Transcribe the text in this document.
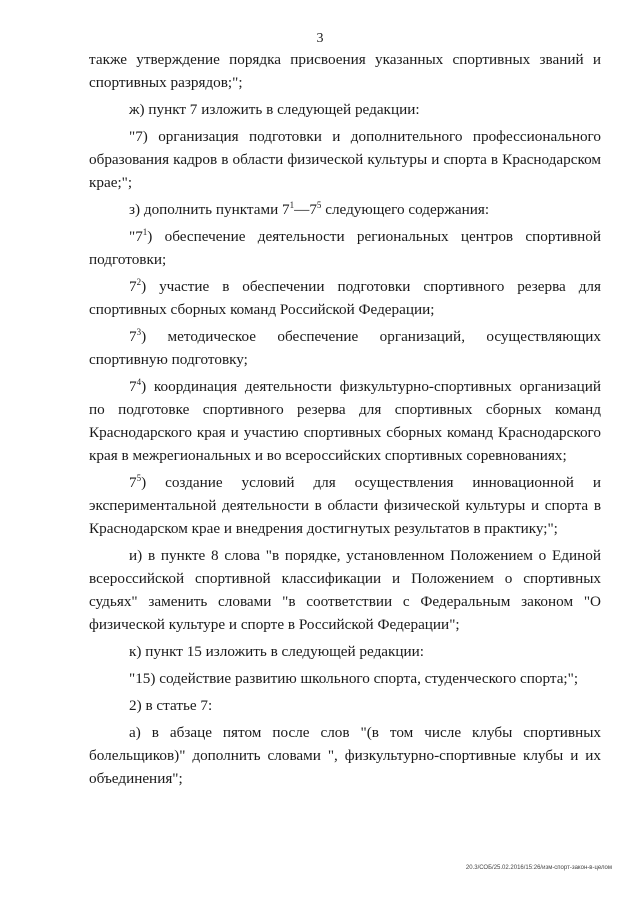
3

также утверждение порядка присвоения указанных спортивных званий и спортивных разрядов;";

ж) пункт 7 изложить в следующей редакции:

"7) организация подготовки и дополнительного профессионального образования кадров в области физической культуры и спорта в Краснодарском крае;";

з) дополнить пунктами $7^1—7^5$ следующего содержания:

"$7^1$) обеспечение деятельности региональных центров спортивной подготовки;

$7^2$) участие в обеспечении подготовки спортивного резерва для спортивных сборных команд Российской Федерации;

$7^3$) методическое обеспечение организаций, осуществляющих спортивную подготовку;

$7^4$) координация деятельности физкультурно-спортивных организаций по подготовке спортивного резерва для спортивных сборных команд Краснодарского края и участию спортивных сборных команд Краснодарского края в межрегиональных и во всероссийских спортивных соревнованиях;

$7^5$) создание условий для осуществления инновационной и экспериментальной деятельности в области физической культуры и спорта в Краснодарском крае и внедрения достигнутых результатов в практику;";

и) в пункте 8 слова "в порядке, установленном Положением о Единой всероссийской спортивной классификации и Положением о спортивных судьях" заменить словами "в соответствии с Федеральным законом "О физической культуре и спорте в Российской Федерации";

к) пункт 15 изложить в следующей редакции:

"15) содействие развитию школьного спорта, студенческого спорта;";

2) в статье 7:

а) в абзаце пятом после слов "(в том числе клубы спортивных болельщиков)" дополнить словами ", физкультурно-спортивные клубы и их объединения";

20.3/СОБ/25.02.2016/15:26/изм-спорт-закон-в-целом
